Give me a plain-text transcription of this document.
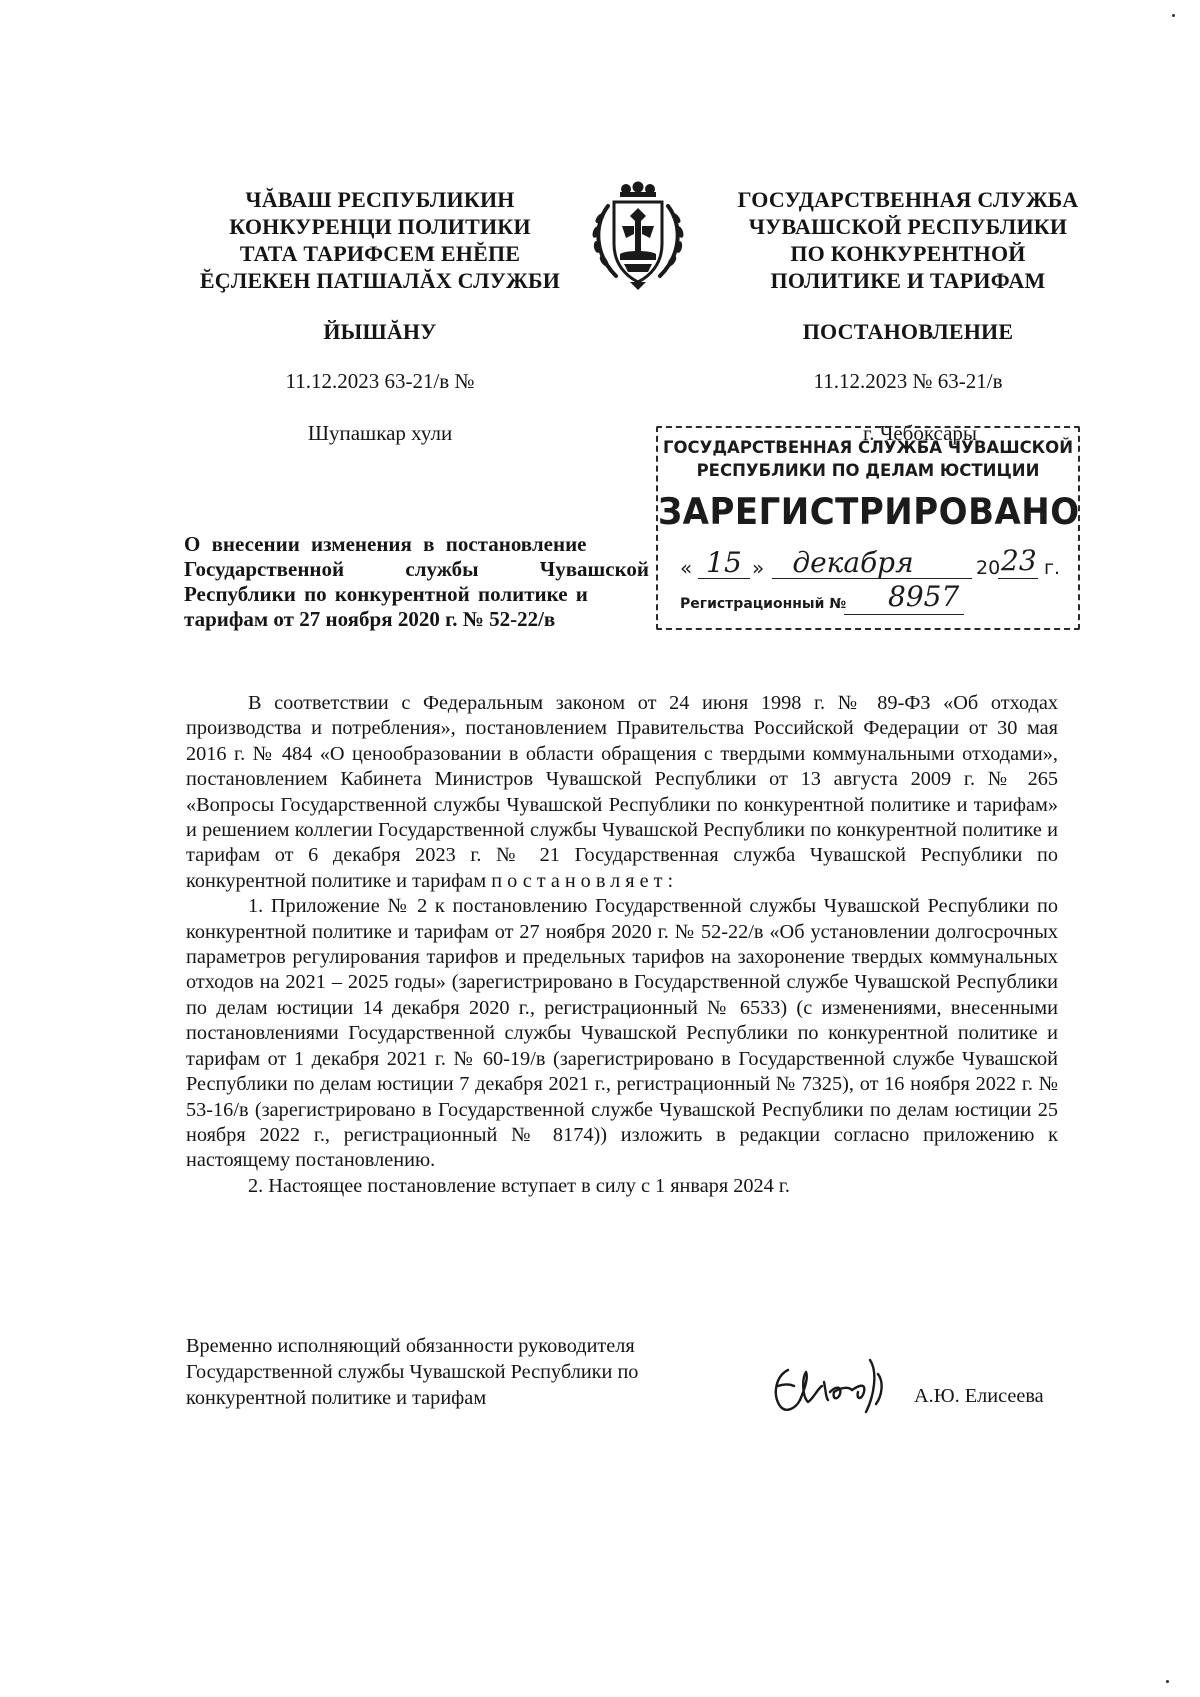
ЧĂВАШ РЕСПУБЛИКИН
КОНКУРЕНЦИ ПОЛИТИКИ
ТАТА ТАРИФСЕМ ЕНĔПЕ
ĔҪЛЕКЕН ПАТШАЛĂХ СЛУЖБИ
ЙЫШĂНУ
11.12.2023 63-21/в №
Шупашкар хули
ГОСУДАРСТВЕННАЯ СЛУЖБА
ЧУВАШСКОЙ РЕСПУБЛИКИ
ПО КОНКУРЕНТНОЙ
ПОЛИТИКЕ И ТАРИФАМ
ПОСТАНОВЛЕНИЕ
11.12.2023 № 63-21/в
г. Чебоксары
ГОСУДАРСТВЕННАЯ СЛУЖБА ЧУВАШСКОЙ
РЕСПУБЛИКИ ПО ДЕЛАМ ЮСТИЦИИ
ЗАРЕГИСТРИРОВАНО
« 15 »	декабря	20 23 г.
Регистрационный № 8957
О внесении изменения в постановление
Государственной службы Чувашской
Республики по конкурентной политике и
тарифам от 27 ноября 2020 г. № 52-22/в

В соответствии с Федеральным законом от 24 июня 1998 г. № 89-ФЗ «Об отходах производства и потребления», постановлением Правительства Российской Федерации от 30 мая 2016 г. № 484 «О ценообразовании в области обращения с твердыми коммунальными отходами», постановлением Кабинета Министров Чувашской Республики от 13 августа 2009 г. № 265 «Вопросы Государственной службы Чувашской Республики по конкурентной политике и тарифам» и решением коллегии Государственной службы Чувашской Республики по конкурентной политике и тарифам от 6 декабря 2023 г. № 21 Государственная служба Чувашской Республики по конкурентной политике и тарифам постановляет:

1. Приложение № 2 к постановлению Государственной службы Чувашской Республики по конкурентной политике и тарифам от 27 ноября 2020 г. № 52-22/в «Об установлении долгосрочных параметров регулирования тарифов и предельных тарифов на захоронение твердых коммунальных отходов на 2021 – 2025 годы» (зарегистрировано в Государственной службе Чувашской Республики по делам юстиции 14 декабря 2020 г., регистрационный № 6533) (с изменениями, внесенными постановлениями Государственной службы Чувашской Республики по конкурентной политике и тарифам от 1 декабря 2021 г. № 60-19/в (зарегистрировано в Государственной службе Чувашской Республики по делам юстиции 7 декабря 2021 г., регистрационный № 7325), от 16 ноября 2022 г. № 53-16/в (зарегистрировано в Государственной службе Чувашской Республики по делам юстиции 25 ноября 2022 г., регистрационный № 8174)) изложить в редакции согласно приложению к настоящему постановлению.

2. Настоящее постановление вступает в силу с 1 января 2024 г.

Временно исполняющий обязанности руководителя
Государственной службы Чувашской Республики по
конкурентной политике и тарифам	А.Ю. Елисеева
